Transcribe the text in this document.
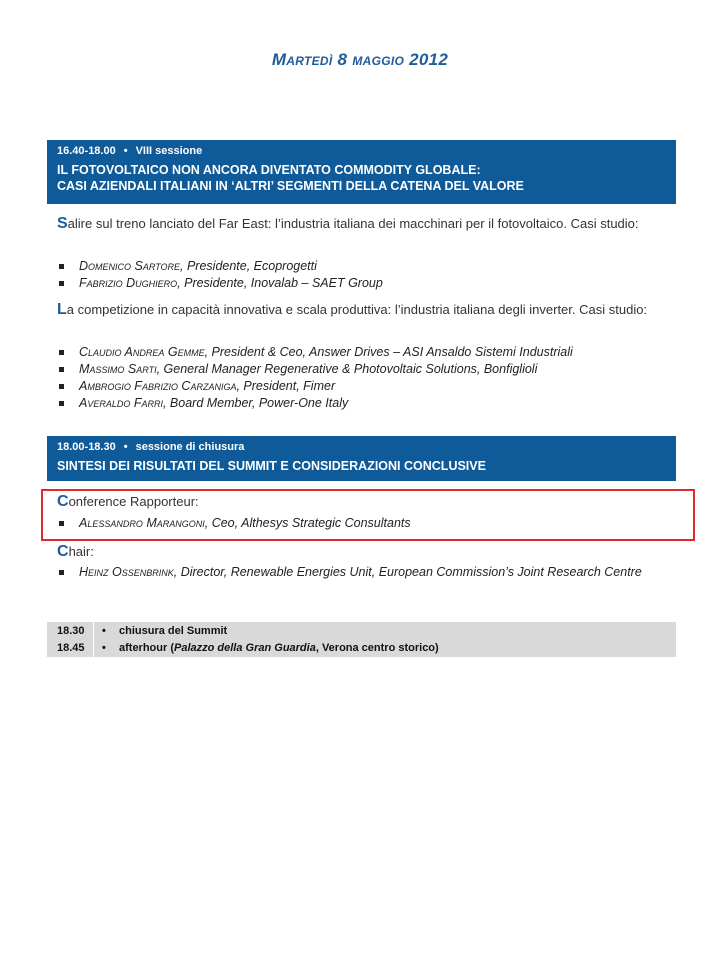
Martedì 8 maggio 2012
16.40-18.00 • VIII sessione
IL FOTOVOLTAICO NON ANCORA DIVENTATO COMMODITY GLOBALE:
CASI AZIENDALI ITALIANI IN ‘ALTRI’ SEGMENTI DELLA CATENA DEL VALORE
Salire sul treno lanciato del Far East: l’industria italiana dei macchinari per il fotovoltaico. Casi studio:
Domenico Sartore, Presidente, Ecoprogetti
Fabrizio Dughiero, Presidente, Inovalab – SAET Group
La competizione in capacità innovativa e scala produttiva: l’industria italiana degli inverter. Casi studio:
Claudio Andrea Gemme, President & Ceo, Answer Drives – ASI Ansaldo Sistemi Industriali
Massimo Sarti, General Manager Regenerative & Photovoltaic Solutions, Bonfiglioli
Ambrogio Fabrizio Carzaniga, President, Fimer
Averaldo Farri, Board Member, Power-One Italy
18.00-18.30 • sessione di chiusura
SINTESI DEI RISULTATI DEL SUMMIT E CONSIDERAZIONI CONCLUSIVE
Conference Rapporteur:
Alessandro Marangoni, Ceo, Althesys Strategic Consultants
Chair:
Heinz Ossenbrink, Director, Renewable Energies Unit, European Commission’s Joint Research Centre
18.30 • chiusura del Summit
18.45 • afterhour (Palazzo della Gran Guardia, Verona centro storico)
